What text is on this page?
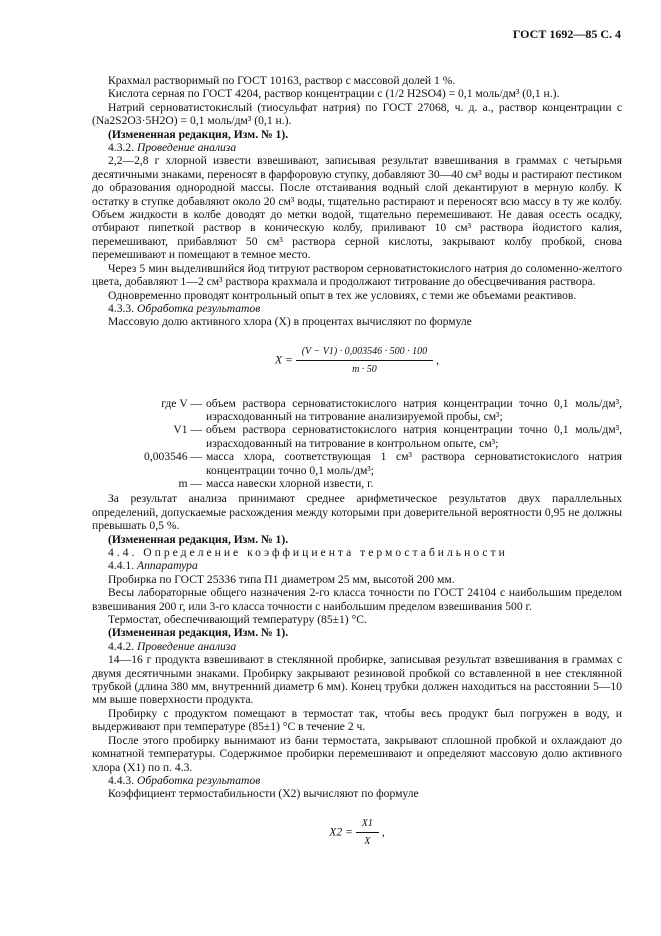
ГОСТ 1692—85 С. 4

Крахмал растворимый по ГОСТ 10163, раствор с массовой долей 1 %.

Кислота серная по ГОСТ 4204, раствор концентрации c (1/2 H2SO4) = 0,1 моль/дм³ (0,1 н.).

Натрий серноватистокислый (тиосульфат натрия) по ГОСТ 27068, ч. д. а., раствор концентрации c (Na2S2O3·5H2O) = 0,1 моль/дм³ (0,1 н.).

(Измененная редакция, Изм. № 1).

4.3.2. Проведение анализа

2,2—2,8 г хлорной извести взвешивают, записывая результат взвешивания в граммах с четырьмя десятичными знаками, переносят в фарфоровую ступку, добавляют 30—40 см³ воды и растирают пестиком до образования однородной массы. После отстаивания водный слой декантируют в мерную колбу. К остатку в ступке добавляют около 20 см³ воды, тщательно растирают и переносят всю массу в ту же колбу. Объем жидкости в колбе доводят до метки водой, тщательно перемешивают. Не давая осесть осадку, отбирают пипеткой раствор в коническую колбу, приливают 10 см³ раствора йодистого калия, перемешивают, прибавляют 50 см³ раствора серной кислоты, закрывают колбу пробкой, снова перемешивают и помещают в темное место.

Через 5 мин выделившийся йод титруют раствором серноватистокислого натрия до соломенно-желтого цвета, добавляют 1—2 см³ раствора крахмала и продолжают титрование до обесцвечивания раствора.

Одновременно проводят контрольный опыт в тех же условиях, с теми же объемами реактивов.

4.3.3. Обработка результатов

Массовую долю активного хлора (X) в процентах вычисляют по формуле

$X = \frac{(V - V1) \cdot 0,003546 \cdot 500 \cdot 100}{m \cdot 50}$ ,
где V — объем раствора серноватистокислого натрия концентрации точно 0,1 моль/дм³, израсходованный на титрование анализируемой пробы, см³;
V1 — объем раствора серноватистокислого натрия концентрации точно 0,1 моль/дм³, израсходованный на титрование в контрольном опыте, см³;
0,003546 — масса хлора, соответствующая 1 см³ раствора серноватистокислого натрия концентрации точно 0,1 моль/дм³;
m — масса навески хлорной извести, г.

За результат анализа принимают среднее арифметическое результатов двух параллельных определений, допускаемые расхождения между которыми при доверительной вероятности 0,95 не должны превышать 0,5 %.

(Измененная редакция, Изм. № 1).

4.4. Определение коэффициента термостабильности

4.4.1. Аппаратура

Пробирка по ГОСТ 25336 типа П1 диаметром 25 мм, высотой 200 мм.

Весы лабораторные общего назначения 2-го класса точности по ГОСТ 24104 с наибольшим пределом взвешивания 200 г, или 3-го класса точности с наибольшим пределом взвешивания 500 г.

Термостат, обеспечивающий температуру (85±1) °С.

(Измененная редакция, Изм. № 1).

4.4.2. Проведение анализа

14—16 г продукта взвешивают в стеклянной пробирке, записывая результат взвешивания в граммах с двумя десятичными знаками. Пробирку закрывают резиновой пробкой со вставленной в нее стеклянной трубкой (длина 380 мм, внутренний диаметр 6 мм). Конец трубки должен находиться на расстоянии 5—10 мм выше поверхности продукта.

Пробирку с продуктом помещают в термостат так, чтобы весь продукт был погружен в воду, и выдерживают при температуре (85±1) °С в течение 2 ч.

После этого пробирку вынимают из бани термостата, закрывают сплошной пробкой и охлаждают до комнатной температуры. Содержимое пробирки перемешивают и определяют массовую долю активного хлора (X1) по п. 4.3.

4.4.3. Обработка результатов

Коэффициент термостабильности (X2) вычисляют по формуле

$X2 = \frac{X1}{X}$ ,
